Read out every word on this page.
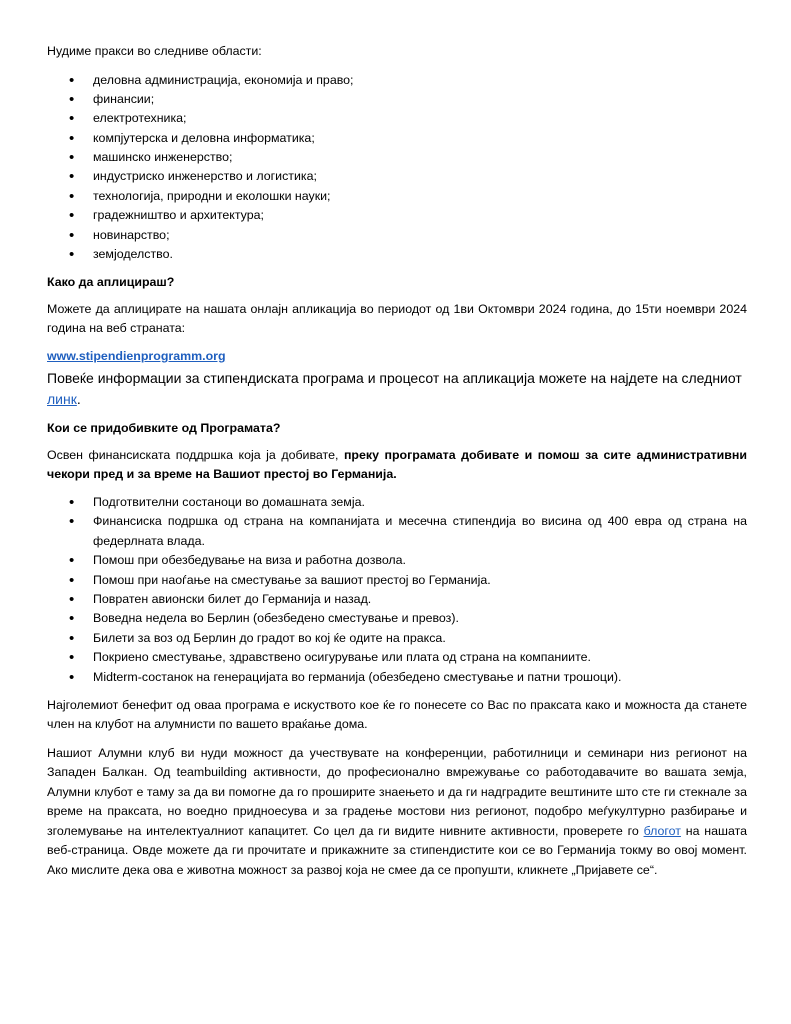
Нудиме пракси во следниве области:

• деловна администрација, економија и право;
• финансии;
• електротехника;
• компјутерска и деловна информатика;
• машинско инженерство;
• индустриско инженерство и логистика;
• технологија, природни и еколошки науки;
• градежништво и архитектура;
• новинарство;
• земјоделство.

Како да аплицираш?

Можете да аплицирате на нашата онлајн апликација во периодот од 1ви Октомври 2024 година, до 15ти ноември 2024 година на веб страната:

www.stipendienprogramm.org

Повеќе информации за стипендиската програма и процесот на апликација можете на најдете на следниот линк.

Кои се придобивките од Програмата?

Освен финансиската поддршка која ја добивате, преку програмата добивате и помош за сите административни чекори пред и за време на Вашиот престој во Германија.

• Подготвителни состаноци во домашната земја.
• Финансиска подршка од страна на компанијата и месечна стипендија во висина од 400 евра од страна на федерлната влада.
• Помош при обезбедување на виза и работна дозвола.
• Помош при наоѓање на сместување за вашиот престој во Германија.
• Повратен авионски билет до Германија и назад.
• Воведна недела во Берлин (обезбедено сместување и превоз).
• Билети за воз од Берлин до градот во кој ќе одите на пракса.
• Покриено сместување, здравствено осигурување или плата од страна на компаниите.
• Midterm-состанок на генерацијата во германија (обезбедено сместување и патни трошоци).

Најголемиот бенефит од оваа програма е искуството кое ќе го понесете со Вас по праксата како и можноста да станете член на клубот на алумнисти по вашето враќање дома.

Нашиот Алумни клуб ви нуди можност да учествувате на конференции, работилници и семинари низ регионот на Западен Балкан. Од teambuilding активности, до професионално вмрежување со работодавачите во вашата земја, Алумни клубот е таму за да ви помогне да го проширите знаењето и да ги надградите вештините што сте ги стекнале за време на праксата, но воедно придноесува и за градење мостови низ регионот, подобро меѓукултурно разбирање и зголемување на интелектуалниот капацитет. Со цел да ги видите нивните активности, проверете го блогот на нашата веб-страница. Овде можете да ги прочитате и прикажните за стипендистите кои се во Германија токму во овој момент. Ако мислите дека ова е животна можност за развој која не смее да се пропушти, кликнете „Пријавете се“.
